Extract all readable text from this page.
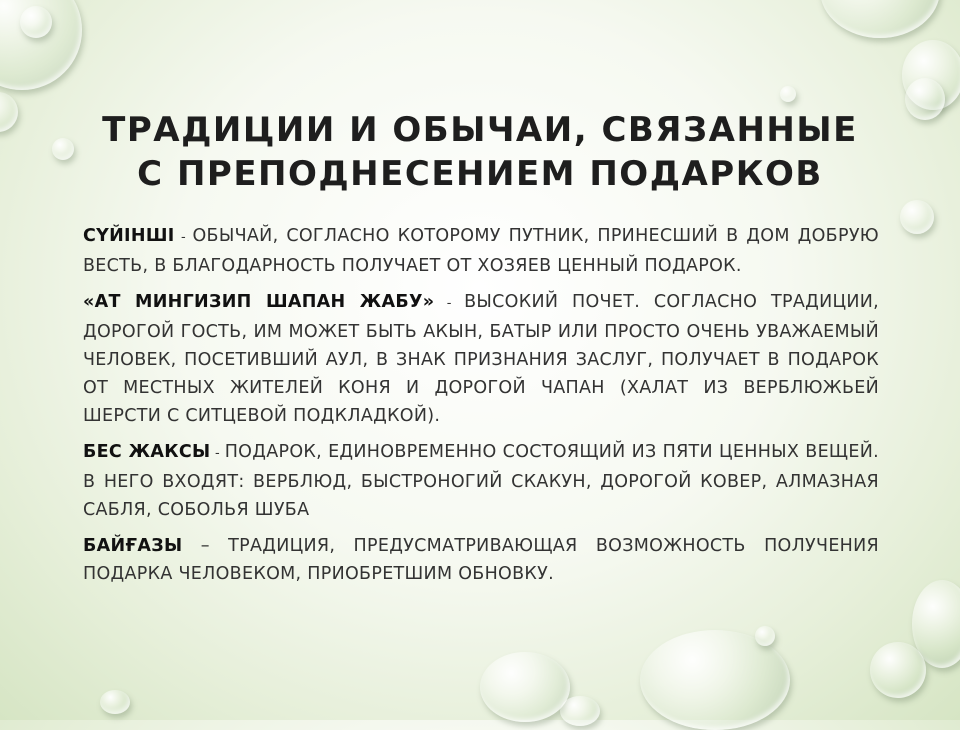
ТРАДИЦИИ И ОБЫЧАИ, СВЯЗАННЫЕ
С ПРЕПОДНЕСЕНИЕМ ПОДАРКОВ

СҮЙІНШІ - ОБЫЧАЙ, СОГЛАСНО КОТОРОМУ ПУТНИК, ПРИНЕСШИЙ В ДОМ ДОБРУЮ ВЕСТЬ, В БЛАГОДАРНОСТЬ ПОЛУЧАЕТ ОТ ХОЗЯЕВ ЦЕННЫЙ ПОДАРОК.

«АТ МИНГИЗИП ШАПАН ЖАБУ» - ВЫСОКИЙ ПОЧЕТ. СОГЛАСНО ТРАДИЦИИ, ДОРОГОЙ ГОСТЬ, ИМ МОЖЕТ БЫТЬ АКЫН, БАТЫР ИЛИ ПРОСТО ОЧЕНЬ УВАЖАЕМЫЙ ЧЕЛОВЕК, ПОСЕТИВШИЙ АУЛ, В ЗНАК ПРИЗНАНИЯ ЗАСЛУГ, ПОЛУЧАЕТ В ПОДАРОК ОТ МЕСТНЫХ ЖИТЕЛЕЙ КОНЯ И ДОРОГОЙ ЧАПАН (ХАЛАТ ИЗ ВЕРБЛЮЖЬЕЙ ШЕРСТИ С СИТЦЕВОЙ ПОДКЛАДКОЙ).

БЕС ЖАКСЫ - ПОДАРОК, ЕДИНОВРЕМЕННО СОСТОЯЩИЙ ИЗ ПЯТИ ЦЕННЫХ ВЕЩЕЙ. В НЕГО ВХОДЯТ: ВЕРБЛЮД, БЫСТРОНОГИЙ СКАКУН, ДОРОГОЙ КОВЕР, АЛМАЗНАЯ САБЛЯ, СОБОЛЬЯ ШУБА

БАЙҒАЗЫ – ТРАДИЦИЯ, ПРЕДУСМАТРИВАЮЩАЯ ВОЗМОЖНОСТЬ ПОЛУЧЕНИЯ ПОДАРКА ЧЕЛОВЕКОМ, ПРИОБРЕТШИМ ОБНОВКУ.
